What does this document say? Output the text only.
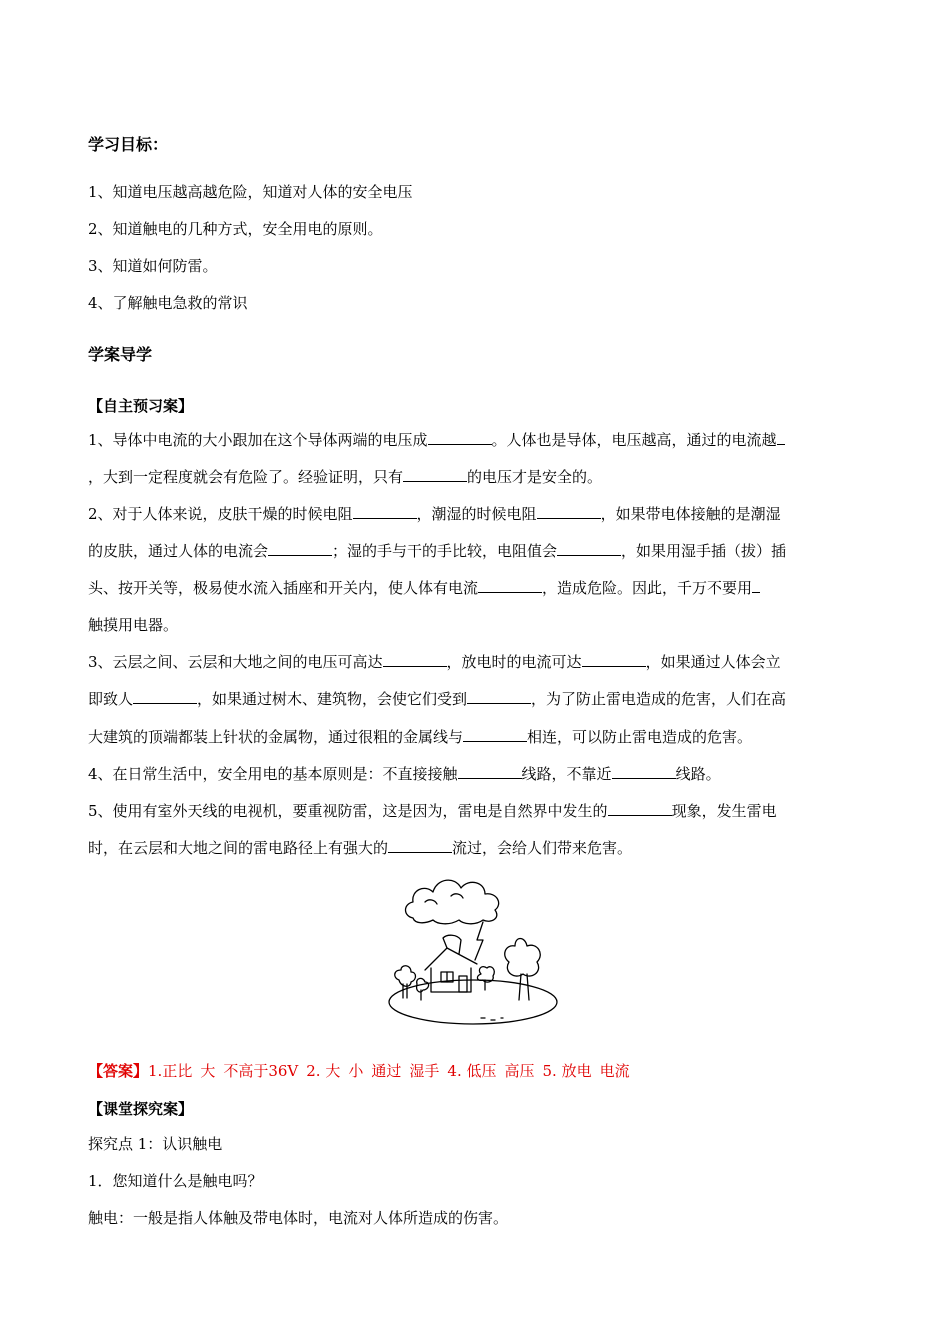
学习目标：
1、知道电压越高越危险，知道对人体的安全电压
2、知道触电的几种方式，安全用电的原则。
3、知道如何防雷。
4、了解触电急救的常识
学案导学
【自主预习案】
1、导体中电流的大小跟加在这个导体两端的电压成	。人体也是导体，电压越高，通过的电流越
，大到一定程度就会有危险了。经验证明，只有	的电压才是安全的。
2、对于人体来说，皮肤干燥的时候电阻	，潮湿的时候电阻	，如果带电体接触的是潮湿
的皮肤，通过人体的电流会	；湿的手与干的手比较，电阻值会	，如果用湿手插（拔）插
头、按开关等，极易使水流入插座和开关内，使人体有电流	，造成危险。因此，千万不要用
触摸用电器。
3、云层之间、云层和大地之间的电压可高达	，放电时的电流可达	，如果通过人体会立
即致人	，如果通过树木、建筑物，会使它们受到	，为了防止雷电造成的危害，人们在高
大建筑的顶端都装上针状的金属物，通过很粗的金属线与	相连，可以防止雷电造成的危害。
4、在日常生活中，安全用电的基本原则是：不直接接触	线路，不靠近	线路。
5、使用有室外天线的电视机，要重视防雷，这是因为，雷电是自然界中发生的	现象，发生雷电
时，在云层和大地之间的雷电路径上有强大的	流过，会给人们带来危害。
【答案】1.正比 大 不高于36V 2. 大 小 通过 湿手 4. 低压 高压 5. 放电 电流
【课堂探究案】
探究点 1：认识触电
1．您知道什么是触电吗？
触电：一般是指人体触及带电体时，电流对人体所造成的伤害。
